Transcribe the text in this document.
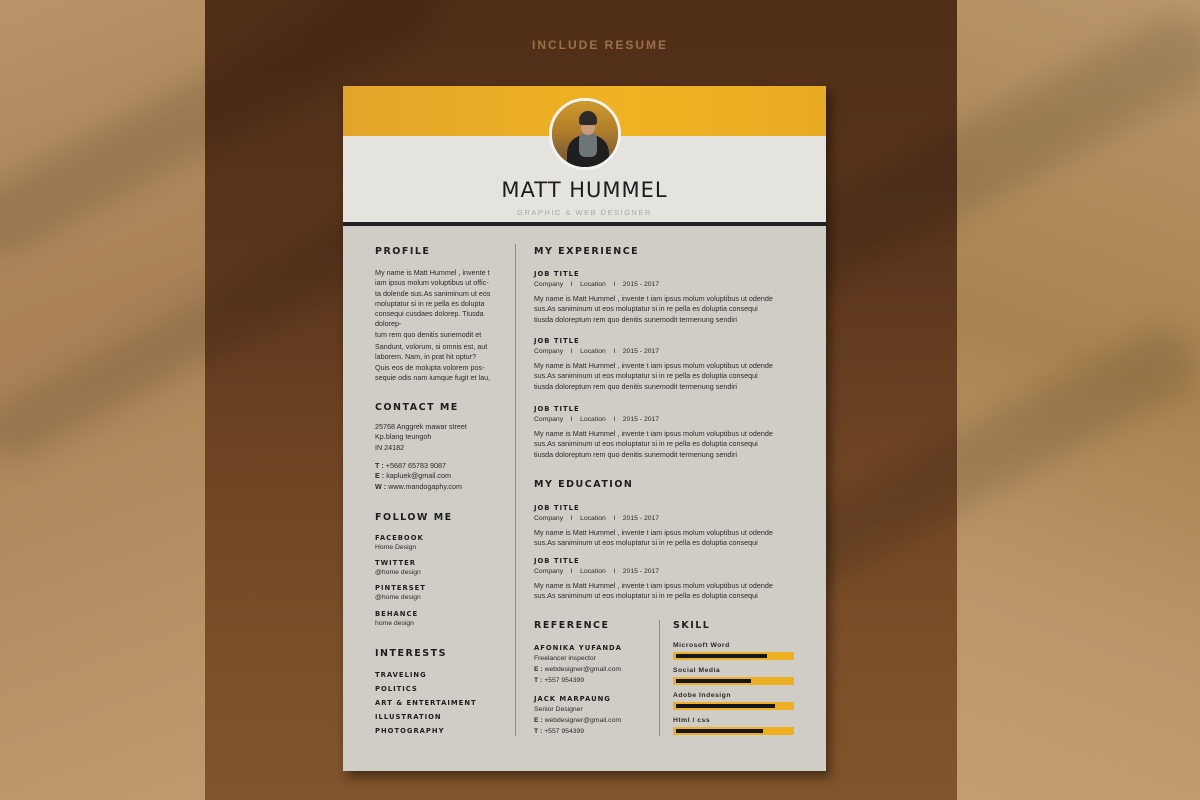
INCLUDE RESUME
MATT HUMMEL
GRAPHIC & WEB DESIGNER
PROFILE
My name is Matt Hummel , invente t
iam ipsus molum voluptibus ut offic-
ta dolende sus.As saniminum ut eos
moluptatur si in re pella es dolupta
consequi cusdaes dolorep. Tiusda dolorep-
tum rem quo denitis sunemodit et
Sandunt, volorum, si omnis est, aut
laborem. Nam, in prat hit optur?
Quis eos de molupta volorem pos-
sequie odis nam iumque fugit et lau,
CONTACT ME
25768 Anggrek mawar street
Kp.blang teungoh
IN 24182
T : +5687 65783 9087
E : kapluek@gmail.com
W : www.mandogaphy.com
FOLLOW ME
FACEBOOK
Home Design
TWITTER
@home design
PINTERSET
@home design
BEHANCE
home design
INTERESTS
TRAVELING
POLITICS
ART & ENTERTAIMENT
ILLUSTRATION
PHOTOGRAPHY
MY EXPERIENCE
JOB TITLE
Company    I    Location    I    2015 - 2017
My name is Matt Hummel , invente t iam ipsus molum voluptibus ut odende
sus.As saniminum ut eos moluptatur si in re pella es doluptia consequi
tiusda doloreptum rem quo denitis sunemodit termenung sendiri
JOB TITLE
Company    I    Location    I    2015 - 2017
My name is Matt Hummel , invente t iam ipsus molum voluptibus ut odende
sus.As saniminum ut eos moluptatur si in re pella es doluptia consequi
tiusda doloreptum rem quo denitis sunemodit termenung sendiri
JOB TITLE
Company    I    Location    I    2015 - 2017
My name is Matt Hummel , invente t iam ipsus molum voluptibus ut odende
sus.As saniminum ut eos moluptatur si in re pella es doluptia consequi
tiusda doloreptum rem quo denitis sunemodit termenung sendiri
MY EDUCATION
JOB TITLE
Company    I    Location    I    2015 - 2017
My name is Matt Hummel , invente t iam ipsus molum voluptibus ut odende
sus.As saniminum ut eos moluptatur si in re pella es doluptia consequi
JOB TITLE
Company    I    Location    I    2015 - 2017
My name is Matt Hummel , invente t iam ipsus molum voluptibus ut odende
sus.As saniminum ut eos moluptatur si in re pella es doluptia consequi
REFERENCE
AFONIKA YUFANDA
Freelancer inspector
E : webdesigner@gmail.com
T : +557 954399
JACK MARPAUNG
Senior Designer
E : webdesigner@gmail.com
T : +557 954399
SKILL
Microsoft Word
Social Media
Adobe Indesign
Html / css
